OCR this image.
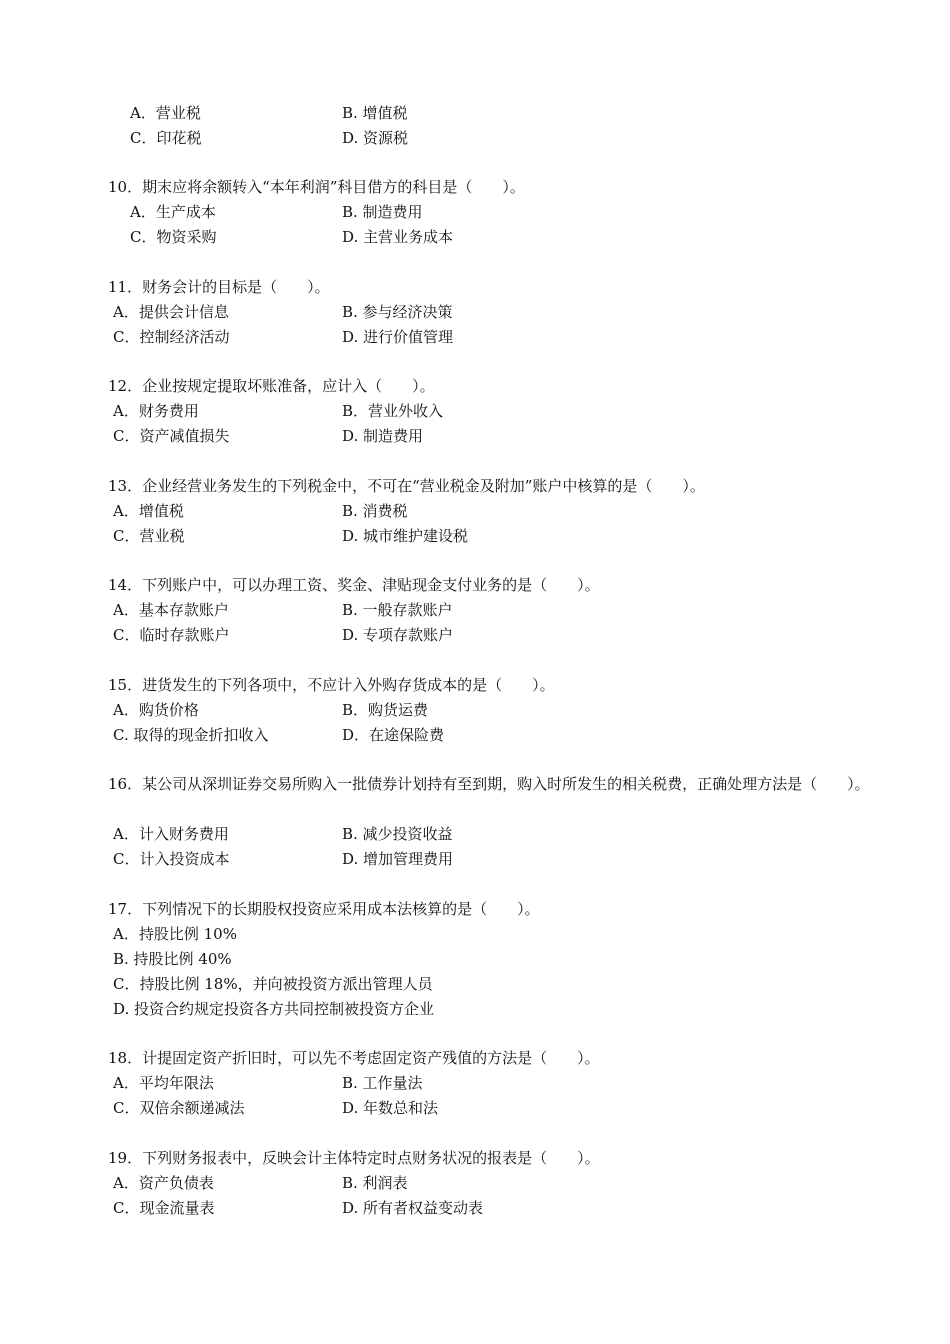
A．营业税	B. 增值税
C．印花税	D. 资源税
10．期末应将余额转入“本年利润”科目借方的科目是（　　）。
A．生产成本	B. 制造费用
C．物资采购	D. 主营业务成本
11．财务会计的目标是（　　）。
A．提供会计信息	B. 参与经济决策
C．控制经济活动	D. 进行价值管理
12．企业按规定提取坏账准备，应计入（　　）。
A．财务费用	B．营业外收入
C．资产减值损失	D. 制造费用
13．企业经营业务发生的下列税金中，不可在“营业税金及附加”账户中核算的是（　　）。
A．增值税	B. 消费税
C．营业税	D. 城市维护建设税
14．下列账户中，可以办理工资、奖金、津贴现金支付业务的是（　　）。
A．基本存款账户	B. 一般存款账户
C．临时存款账户	D. 专项存款账户
15．进货发生的下列各项中，不应计入外购存货成本的是（　　）。
A．购货价格	B．购货运费
C. 取得的现金折扣收入	D．在途保险费
16．某公司从深圳证券交易所购入一批债券计划持有至到期，购入时所发生的相关税费，正确处理方法是（　　）。
A．计入财务费用	B. 减少投资收益
C．计入投资成本	D. 增加管理费用
17．下列情况下的长期股权投资应采用成本法核算的是（　　）。
A．持股比例 10%
B. 持股比例 40%
C．持股比例 18%，并向被投资方派出管理人员
D. 投资合约规定投资各方共同控制被投资方企业
18．计提固定资产折旧时，可以先不考虑固定资产残值的方法是（　　）。
A．平均年限法	B. 工作量法
C．双倍余额递减法	D. 年数总和法
19．下列财务报表中，反映会计主体特定时点财务状况的报表是（　　）。
A．资产负债表	B. 利润表
C．现金流量表	D. 所有者权益变动表
